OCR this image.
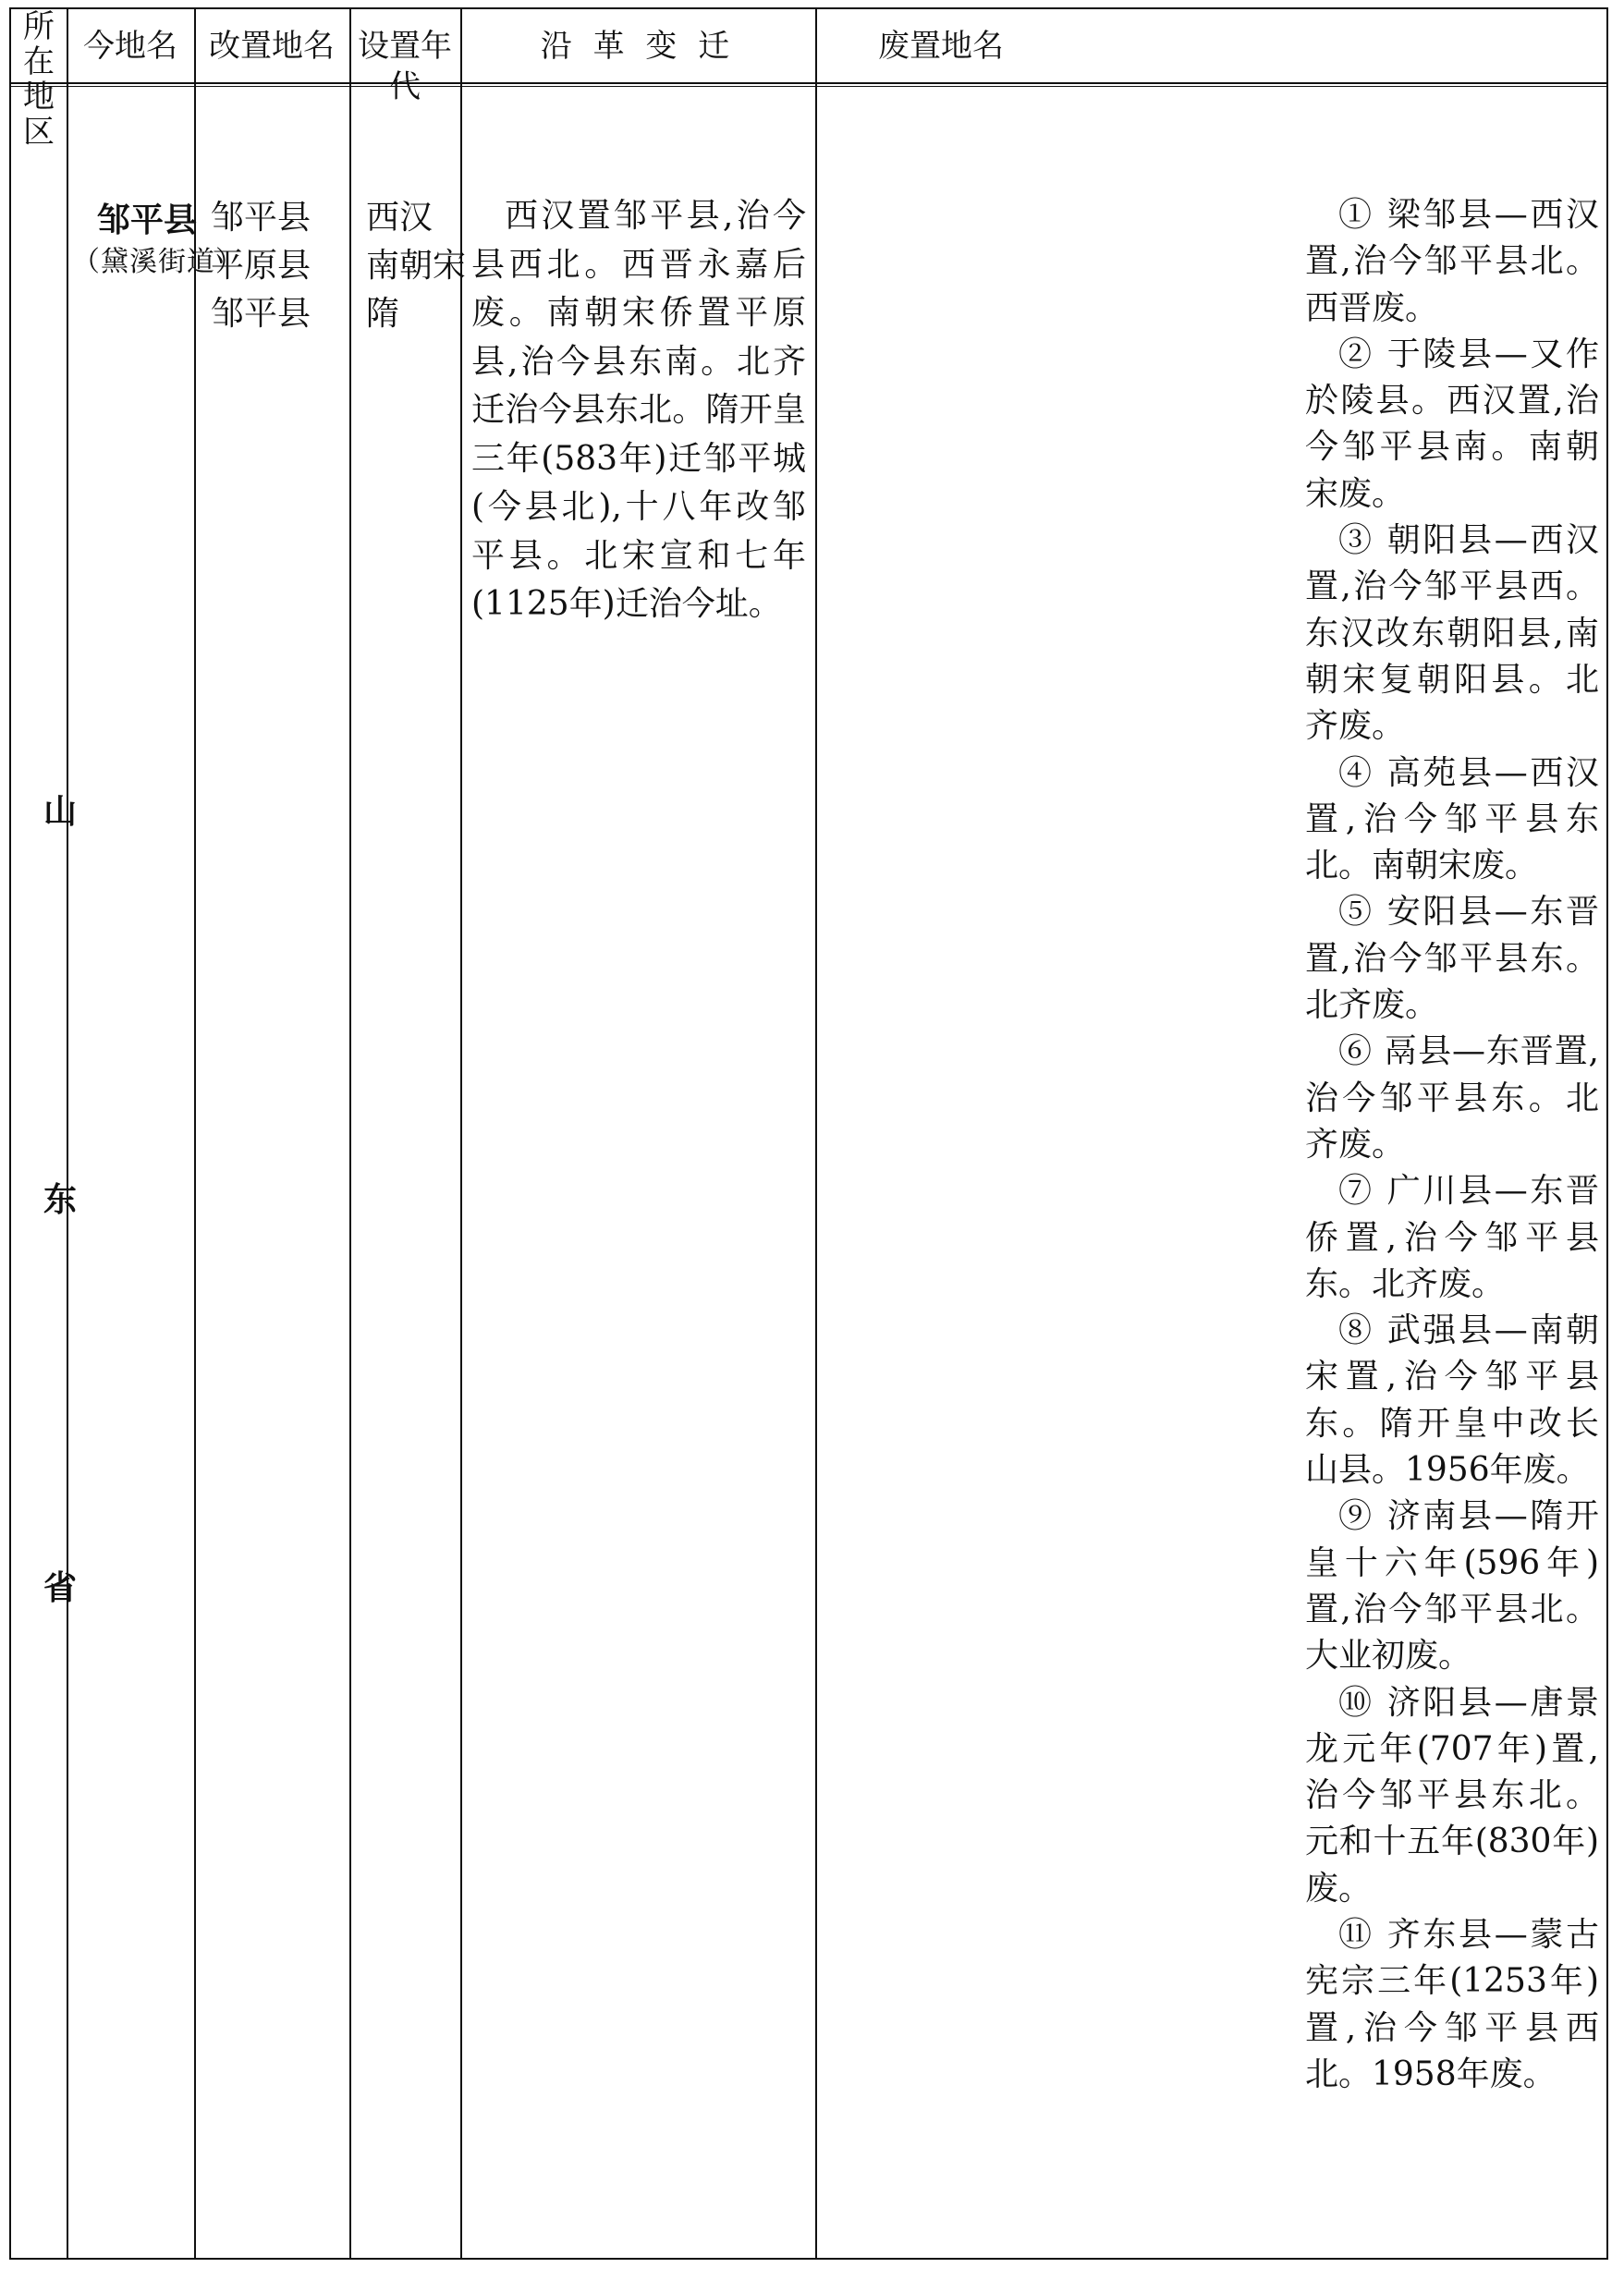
所在
地区
今地名	改置地名 设置年代
沿 革 变 迁	废置地名
山
东
省
邹平县
（黛溪街道）
邹平县
平原县
邹平县
西汉
南朝宋
隋

西汉置邹平县,治今县西北。西晋永嘉后废。南朝宋侨置平原县,治今县东南。北齐迁治今县东北。隋开皇三年(583年)迁邹平城(今县北),十八年改邹平县。北宋宣和七年(1125年)迁治今址。

① 梁邹县—西汉置,治今邹平县北。西晋废。

② 于陵县—又作於陵县。西汉置,治今邹平县南。南朝宋废。

③ 朝阳县—西汉置,治今邹平县西。东汉改东朝阳县,南朝宋复朝阳县。北齐废。

④ 高苑县—西汉置,治今邹平县东北。南朝宋废。

⑤ 安阳县—东晋置,治今邹平县东。北齐废。

⑥ 鬲县—东晋置,治今邹平县东。北齐废。

⑦ 广川县—东晋侨置,治今邹平县东。北齐废。

⑧ 武强县—南朝宋置,治今邹平县东。隋开皇中改长山县。1956年废。

⑨ 济南县—隋开皇十六年(596年)置,治今邹平县北。大业初废。

⑩ 济阳县—唐景龙元年(707年)置,治今邹平县东北。元和十五年(830年)废。

⑪ 齐东县—蒙古宪宗三年(1253年)置,治今邹平县西北。1958年废。
